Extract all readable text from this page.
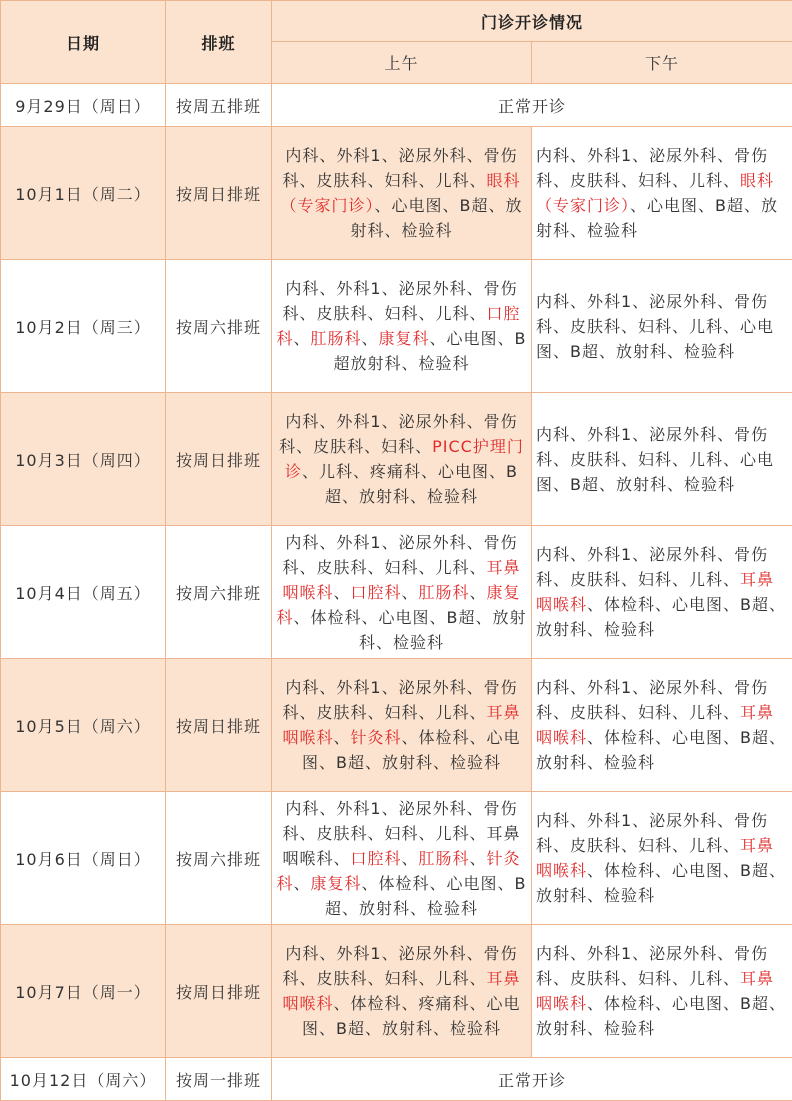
日期	排班	门诊开诊情况	
		上午	下午
9月29日（周日）	按周五排班	正常开诊	
10月1日（周二）	按周日排班	内科、外科1、泌尿外科、骨伤科、皮肤科、妇科、儿科、眼科（专家门诊）、心电图、B超、放射科、检验科	内科、外科1、泌尿外科、骨伤科、皮肤科、妇科、儿科、眼科（专家门诊）、心电图、B超、放射科、检验科
10月2日（周三）	按周六排班	内科、外科1、泌尿外科、骨伤科、皮肤科、妇科、儿科、口腔科、肛肠科、康复科、心电图、B超放射科、检验科	内科、外科1、泌尿外科、骨伤科、皮肤科、妇科、儿科、心电图、B超、放射科、检验科
10月3日（周四）	按周日排班	内科、外科1、泌尿外科、骨伤科、皮肤科、妇科、PICC护理门诊、儿科、疼痛科、心电图、B超、放射科、检验科	内科、外科1、泌尿外科、骨伤科、皮肤科、妇科、儿科、心电图、B超、放射科、检验科
10月4日（周五）	按周六排班	内科、外科1、泌尿外科、骨伤科、皮肤科、妇科、儿科、耳鼻咽喉科、口腔科、肛肠科、康复科、体检科、心电图、B超、放射科、检验科	内科、外科1、泌尿外科、骨伤科、皮肤科、妇科、儿科、耳鼻咽喉科、体检科、心电图、B超、放射科、检验科
10月5日（周六）	按周日排班	内科、外科1、泌尿外科、骨伤科、皮肤科、妇科、儿科、耳鼻咽喉科、针灸科、体检科、心电图、B超、放射科、检验科	内科、外科1、泌尿外科、骨伤科、皮肤科、妇科、儿科、耳鼻咽喉科、体检科、心电图、B超、放射科、检验科
10月6日（周日）	按周六排班	内科、外科1、泌尿外科、骨伤科、皮肤科、妇科、儿科、耳鼻咽喉科、口腔科、肛肠科、针灸科、康复科、体检科、心电图、B超、放射科、检验科	内科、外科1、泌尿外科、骨伤科、皮肤科、妇科、儿科、耳鼻咽喉科、体检科、心电图、B超、放射科、检验科
10月7日（周一）	按周日排班	内科、外科1、泌尿外科、骨伤科、皮肤科、妇科、儿科、耳鼻咽喉科、体检科、疼痛科、心电图、B超、放射科、检验科	内科、外科1、泌尿外科、骨伤科、皮肤科、妇科、儿科、耳鼻咽喉科、体检科、心电图、B超、放射科、检验科
10月12日（周六）	按周一排班	正常开诊	
